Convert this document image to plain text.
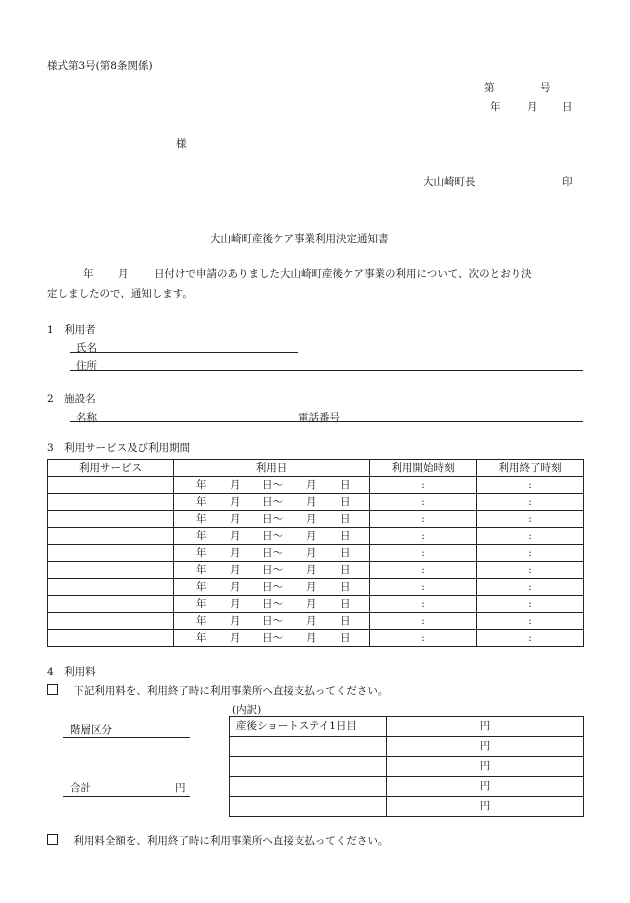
様式第3号(第8条関係)
第	号
年	月 日
様
大山崎町長	印
大山崎町産後ケア事業利用決定通知書
年 月 日付けで申請のありました大山崎町産後ケア事業の利用について、次のとおり決
定しましたので、通知します。
1　利用者
氏名
住所
2　施設名
名称	電話番号
3　利用サービス及び利用期間
利用サービス	利用日	利用開始時刻	利用終了時刻

	年 月 日～ 月 日	:	:

	年 月 日～ 月 日	:	:

	年 月 日～ 月 日	:	:

	年 月 日～ 月 日	:	:

	年 月 日～ 月 日	:	:

	年 月 日～ 月 日	:	:

	年 月 日～ 月 日	:	:

	年 月 日～ 月 日	:	:

	年 月 日～ 月 日	:	:

	年 月 日～ 月 日	:	:
4　利用料
下記利用料を、利用終了時に利用事業所へ直接支払ってください。
(内訳)
階層区分
合計	円
産後ショートステイ1日目	円
	円
	円
	円
	円
利用料全額を、利用終了時に利用事業所へ直接支払ってください。
